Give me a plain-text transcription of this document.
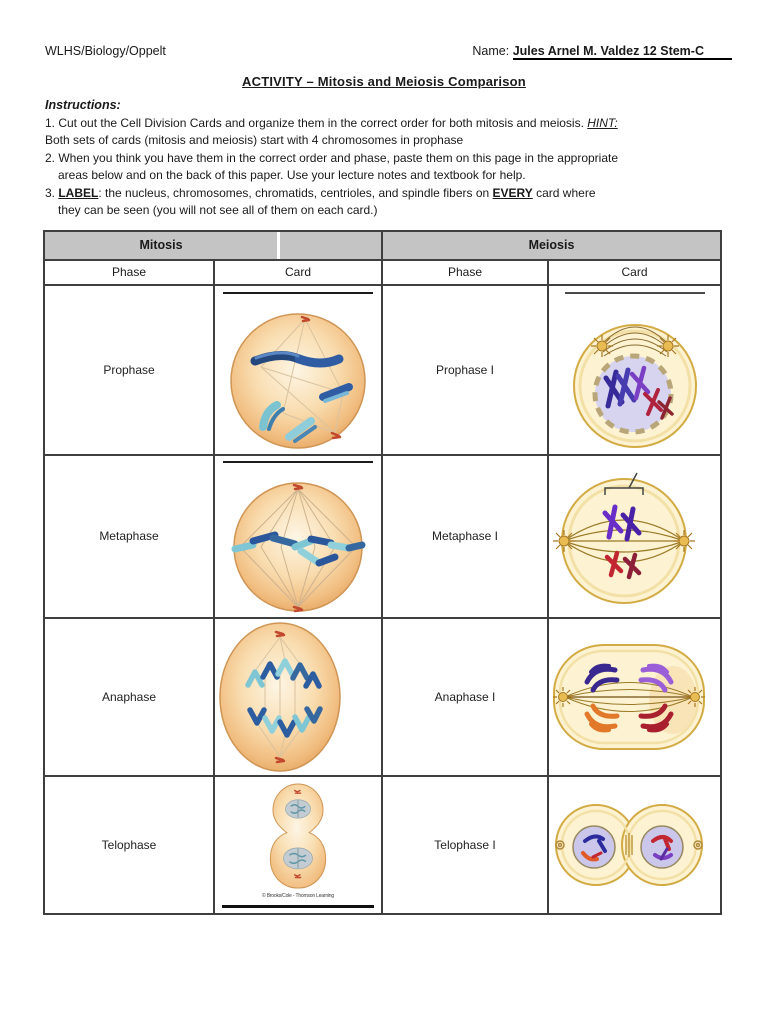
WLHS/Biology/Oppelt	Name: Jules Arnel M. Valdez 12 Stem-C
ACTIVITY – Mitosis and Meiosis Comparison
Instructions:
1. Cut out the Cell Division Cards and organize them in the correct order for both mitosis and meiosis. HINT:
Both sets of cards (mitosis and meiosis) start with 4 chromosomes in prophase
2. When you think you have them in the correct order and phase, paste them on this page in the appropriate
areas below and on the back of this paper. Use your lecture notes and textbook for help.
3. LABEL: the nucleus, chromosomes, chromatids, centrioles, and spindle fibers on EVERY card where
they can be seen (you will not see all of them on each card.)
Mitosis		Meiosis	
Phase	Card	Phase	Card
Prophase		Prophase I	

Metaphase		Metaphase I	

Anaphase		Anaphase I	

Telophase	© Brooks/Cole - Thomson Learning	Telophase I	
